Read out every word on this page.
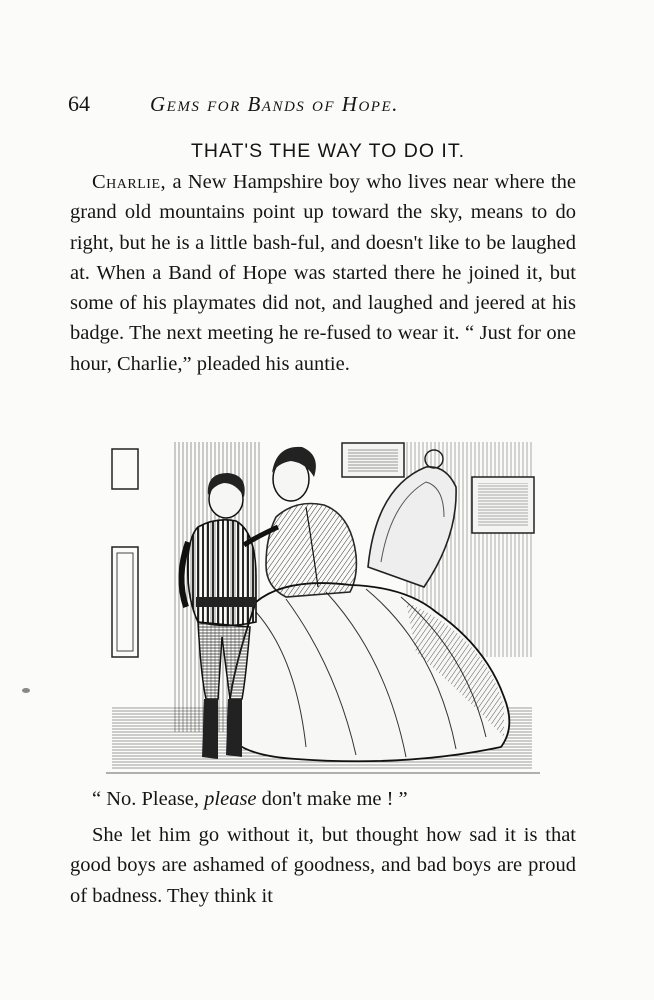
64	Gems for Bands of Hope.
THAT'S THE WAY TO DO IT.

Charlie, a New Hampshire boy who lives near where the grand old mountains point up toward the sky, means to do right, but he is a little bash-ful, and doesn't like to be laughed at. When a Band of Hope was started there he joined it, but some of his playmates did not, and laughed and jeered at his badge. The next meeting he re-fused to wear it. “ Just for one hour, Charlie,” pleaded his auntie.

“ No. Please, please don't make me ! ”

She let him go without it, but thought how sad it is that good boys are ashamed of goodness, and bad boys are proud of badness. They think it
